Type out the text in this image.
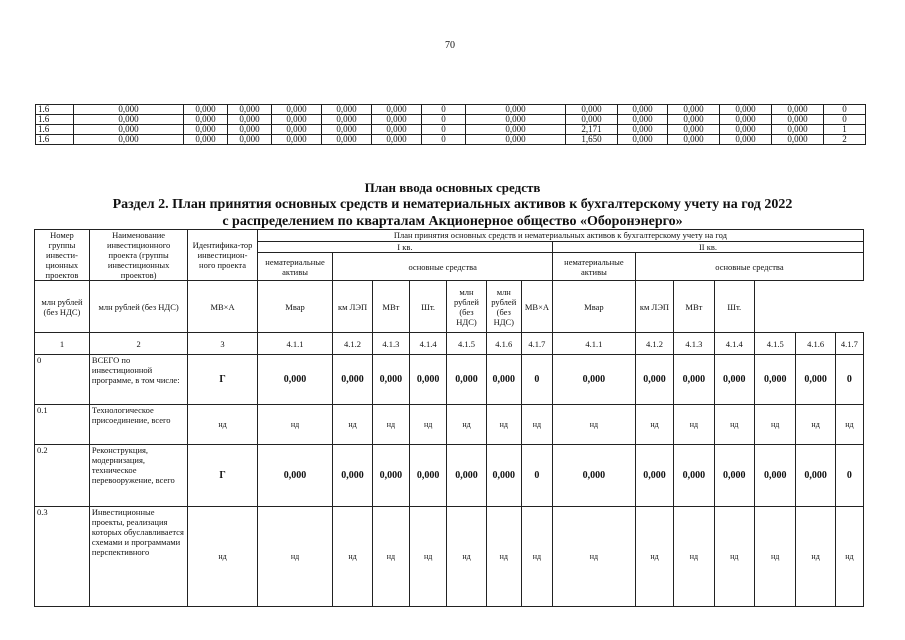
70
1.6	0,000	0,000	0,000	0,000	0,000	0,000	0	0,000	0,000	0,000	0,000	0,000	0,000	0
1.6	0,000	0,000	0,000	0,000	0,000	0,000	0	0,000	0,000	0,000	0,000	0,000	0,000	0
1.6	0,000	0,000	0,000	0,000	0,000	0,000	0	0,000	2,171	0,000	0,000	0,000	0,000	1
1.6	0,000	0,000	0,000	0,000	0,000	0,000	0	0,000	1,650	0,000	0,000	0,000	0,000	2
План ввода основных средств
Раздел 2. План принятия основных средств и нематериальных активов к бухгалтерскому учету на год 2022
с распределением по кварталам Акционерное общество «Оборонэнерго»
Номер группы инвести-ционных проектов	Наименование инвестиционного проекта (группы инвестиционных проектов)	Идентифика-тор инвестицион-ного проекта	План принятия основных средств и нематериальных активов к бухгалтерскому учету на год													
			I кв.							II кв.						
			нематериальные активы	основные средства						нематериальные активы	основные средства					
млн рублей (без НДС)	млн рублей (без НДС)	МВ×А	Мвар	км ЛЭП	МВт	Шт.	млн рублей (без НДС)	млн рублей (без НДС)	МВ×А	Мвар	км ЛЭП	МВт	Шт.			
1	2	3	4.1.1	4.1.2	4.1.3	4.1.4	4.1.5	4.1.6	4.1.7	4.1.1	4.1.2	4.1.3	4.1.4	4.1.5	4.1.6	4.1.7
0	ВСЕГО по инвестиционной программе, в том числе:	Г	0,000	0,000	0,000	0,000	0,000	0,000	0	0,000	0,000	0,000	0,000	0,000	0,000	0
0.1	Технологическое присоединение, всего	нд	нд	нд	нд	нд	нд	нд	нд	нд	нд	нд	нд	нд	нд	нд
0.2	Реконструкция, модернизация, техническое перевооружение, всего	Г	0,000	0,000	0,000	0,000	0,000	0,000	0	0,000	0,000	0,000	0,000	0,000	0,000	0
0.3	Инвестиционные проекты, реализация которых обуславливается схемами и программами перспективного	нд	нд	нд	нд	нд	нд	нд	нд	нд	нд	нд	нд	нд	нд	нд
